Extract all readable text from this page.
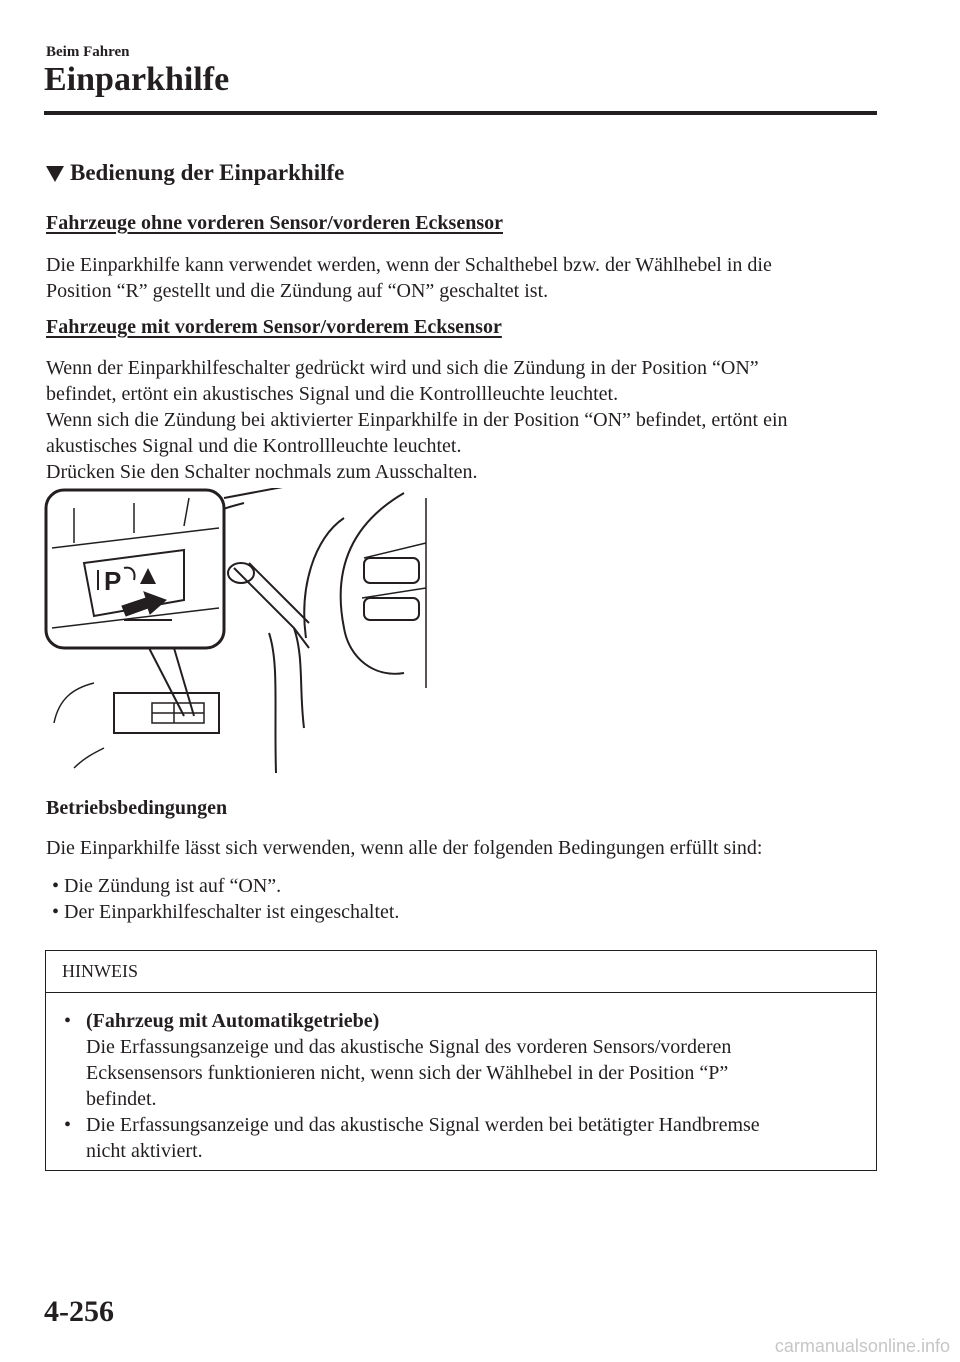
Beim Fahren
Einparkhilfe
Bedienung der Einparkhilfe
Fahrzeuge ohne vorderen Sensor/vorderen Ecksensor

Die Einparkhilfe kann verwendet werden, wenn der Schalthebel bzw. der Wählhebel in die
Position “R” gestellt und die Zündung auf “ON” geschaltet ist.

Fahrzeuge mit vorderem Sensor/vorderem Ecksensor

Wenn der Einparkhilfeschalter gedrückt wird und sich die Zündung in der Position “ON”
befindet, ertönt ein akustisches Signal und die Kontrollleuchte leuchtet.
Wenn sich die Zündung bei aktivierter Einparkhilfe in der Position “ON” befindet, ertönt ein
akustisches Signal und die Kontrollleuchte leuchtet.
Drücken Sie den Schalter nochmals zum Ausschalten.

P
Betriebsbedingungen

Die Einparkhilfe lässt sich verwenden, wenn alle der folgenden Bedingungen erfüllt sind:

• Die Zündung ist auf “ON”.
• Der Einparkhilfeschalter ist eingeschaltet.
HINWEIS
• (Fahrzeug mit Automatikgetriebe)
Die Erfassungsanzeige und das akustische Signal des vorderen Sensors/vorderen
Ecksensensors funktionieren nicht, wenn sich der Wählhebel in der Position “P”
befindet.
• Die Erfassungsanzeige und das akustische Signal werden bei betätigter Handbremse
nicht aktiviert.
4-256
carmanualsonline.info
